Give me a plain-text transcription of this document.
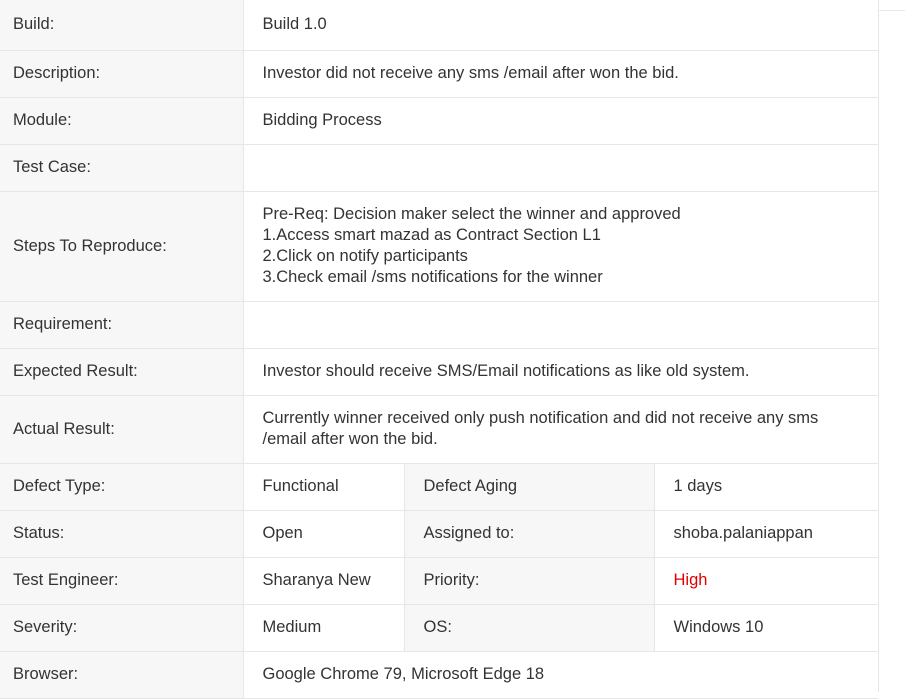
Build:	Build 1.0		
Description:	Investor did not receive any sms /email after won the bid.		
Module:	Bidding Process		
Test Case:			
Steps To Reproduce:	Pre-Req: Decision maker select the winner and approved
1.Access smart mazad as Contract Section L1
2.Click on notify participants
3.Check email /sms notifications for the winner		

Requirement:			
Expected Result:	Investor should receive SMS/Email notifications as like old system.		
Actual Result:	Currently winner received only push notification and did not receive any sms /email after won the bid.		
Defect Type:	Functional	Defect Aging	1 days
Status:	Open	Assigned to:	shoba.palaniappan
Test Engineer:	Sharanya New	Priority:	High
Severity:	Medium	OS:	Windows 10
Browser:	Google Chrome 79, Microsoft Edge 18		
